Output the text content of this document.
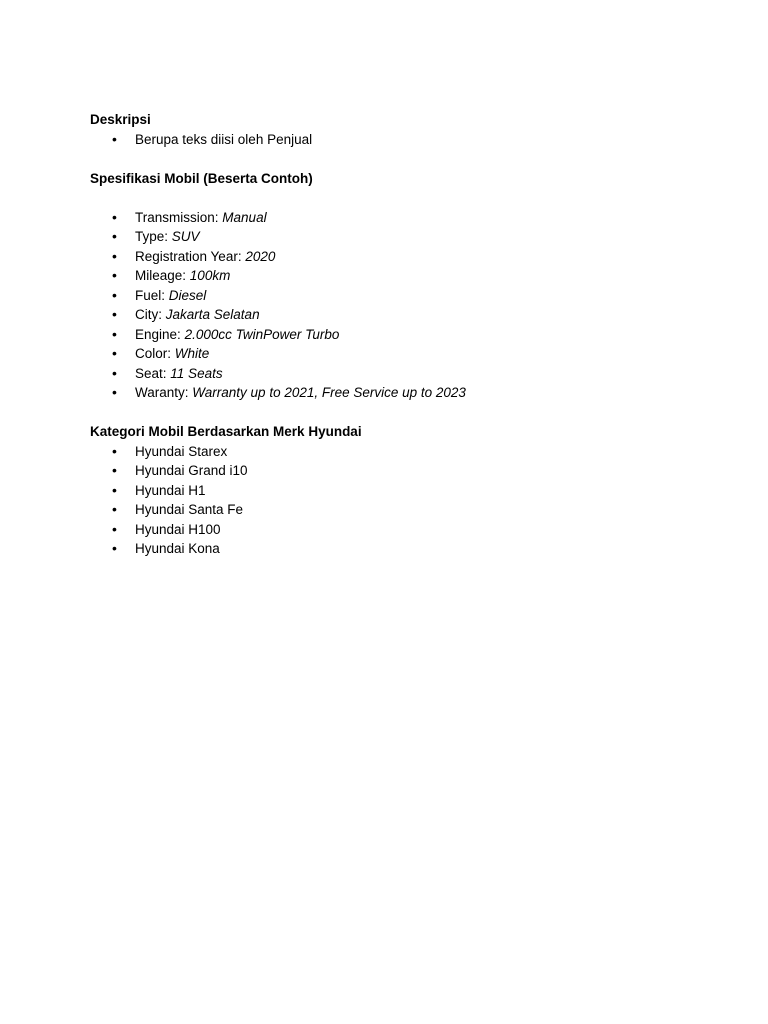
Deskripsi
• Berupa teks diisi oleh Penjual
Spesifikasi Mobil (Beserta Contoh)
• Transmission: Manual
• Type: SUV
• Registration Year: 2020
• Mileage: 100km
• Fuel: Diesel
• City: Jakarta Selatan
• Engine: 2.000cc TwinPower Turbo
• Color: White
• Seat: 11 Seats
• Waranty: Warranty up to 2021, Free Service up to 2023
Kategori Mobil Berdasarkan Merk Hyundai
• Hyundai Starex
• Hyundai Grand i10
• Hyundai H1
• Hyundai Santa Fe
• Hyundai H100
• Hyundai Kona
